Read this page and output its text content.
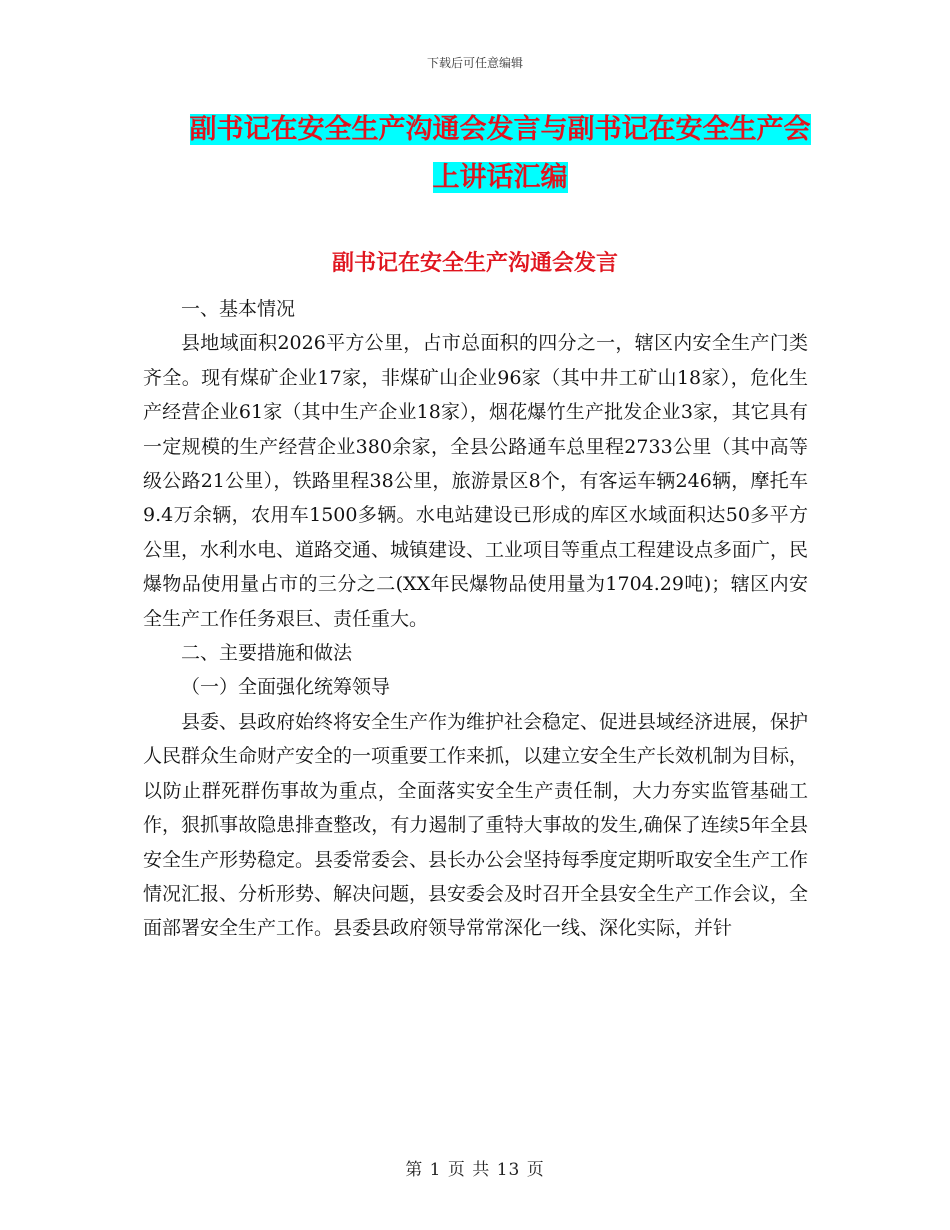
下载后可任意编辑
副书记在安全生产沟通会发言与副书记在安全生产会
上讲话汇编
副书记在安全生产沟通会发言

一、基本情况

县地域面积2026平方公里，占市总面积的四分之一，辖区内安全生产门类齐全。现有煤矿企业17家，非煤矿山企业96家（其中井工矿山18家），危化生产经营企业61家（其中生产企业18家），烟花爆竹生产批发企业3家，其它具有一定规模的生产经营企业380余家，全县公路通车总里程2733公里（其中高等级公路21公里），铁路里程38公里，旅游景区8个，有客运车辆246辆，摩托车9.4万余辆，农用车1500多辆。水电站建设已形成的库区水域面积达50多平方公里，水利水电、道路交通、城镇建设、工业项目等重点工程建设点多面广，民爆物品使用量占市的三分之二(XX年民爆物品使用量为1704.29吨)；辖区内安全生产工作任务艰巨、责任重大。

二、主要措施和做法

（一）全面强化统筹领导

县委、县政府始终将安全生产作为维护社会稳定、促进县域经济进展，保护人民群众生命财产安全的一项重要工作来抓，以建立安全生产长效机制为目标，以防止群死群伤事故为重点，全面落实安全生产责任制，大力夯实监管基础工作，狠抓事故隐患排查整改，有力遏制了重特大事故的发生,确保了连续5年全县安全生产形势稳定。县委常委会、县长办公会坚持每季度定期听取安全生产工作情况汇报、分析形势、解决问题，县安委会及时召开全县安全生产工作会议，全面部署安全生产工作。县委县政府领导常常深化一线、深化实际，并针

第 1 页 共 13 页
